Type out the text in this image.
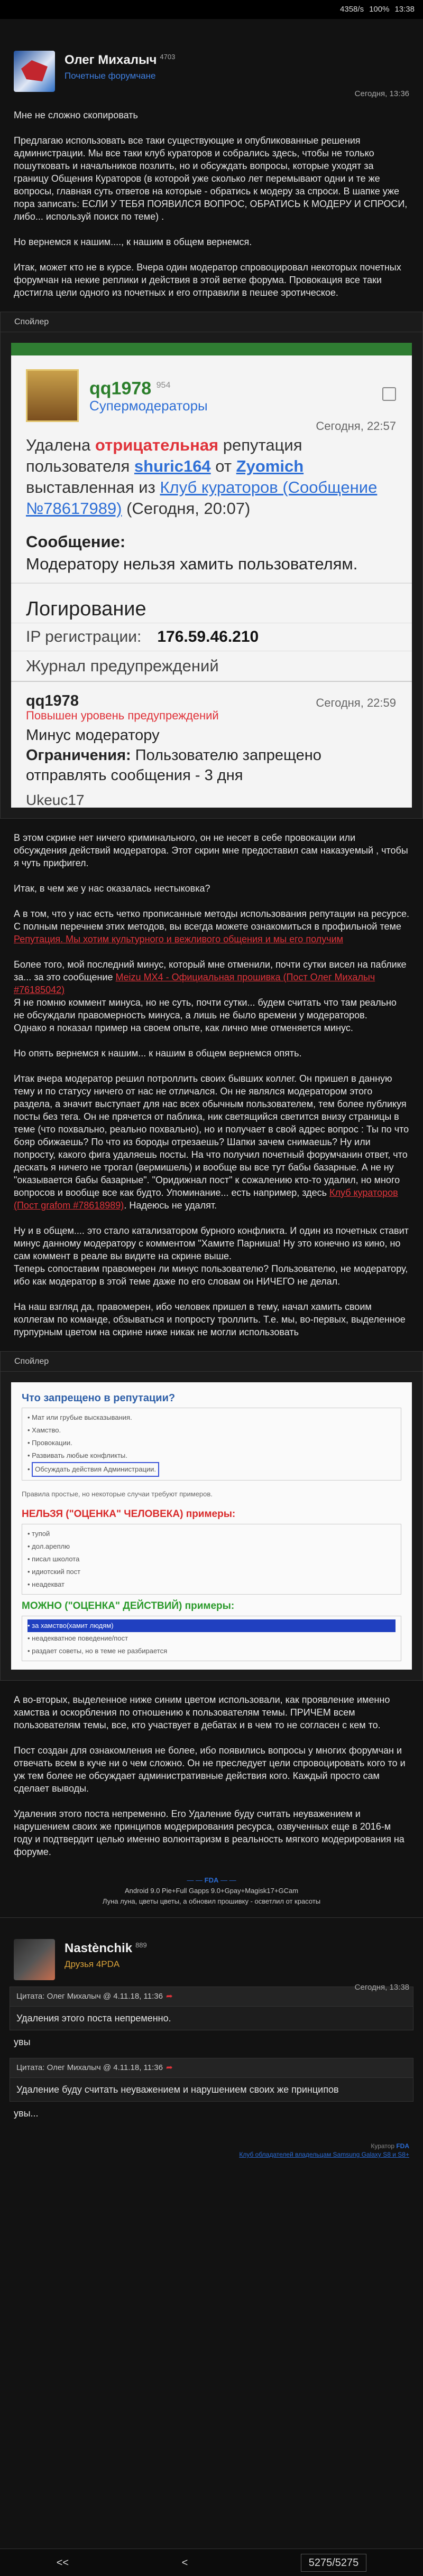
4358/s 100% 13:38
Олег Михалыч $^{4703}$
Почетные форумчане
Сегодня, 13:36

Мне не сложно скопировать

Предлагаю использовать все таки существующие и опубликованные решения администрации. Мы все таки клуб кураторов и собрались здесь, чтобы не только пошутковать и начальников позлить, но и обсуждать вопросы, которые уходят за границу Общения Кураторов (в которой уже сколько лет перемывают одни и те же вопросы, главная суть ответов на которые - обратись к модеру за спроси. В шапке уже пора записать: ЕСЛИ У ТЕБЯ ПОЯВИЛСЯ ВОПРОС, ОБРАТИСЬ К МОДЕРУ И СПРОСИ, либо... используй поиск по теме) .

Но вернемся к нашим...., к нашим в общем вернемся.

Итак, может кто не в курсе. Вчера один модератор спровоцировал некоторых почетных форумчан на некие реплики и действия в этой ветке форума. Провокация все таки достигла цели одного из почетных и его отправили в пешее эротическое.

Спойлер
qq1978 $^{954}$
Супермодераторы
Сегодня, 22:57
Удалена отрицательная репутация пользователя shuric164 от Zyomich выставленная из Клуб кураторов (Сообщение №78617989) (Сегодня, 20:07)
Сообщение:
Модератору нельзя хамить пользователям.
Логирование
IP регистрации: 176.59.46.210
Журнал предупреждений
qq1978	Сегодня, 22:59
Повышен уровень предупреждений
Минус модератору
Ограничения: Пользователю запрещено отправлять сообщения - 3 дня
Ukeuc17

В этом скрине нет ничего криминального, он не несет в себе провокации или обсуждения действий модератора. Этот скрин мне предоставил сам наказуемый , чтобы я чуть прифигел.

Итак, в чем же у нас оказалась нестыковка?

А в том, что у нас есть четко прописанные методы использования репутации на ресурсе. С полным перечнем этих методов, вы всегда можете ознакомиться в профильной теме Репутация. Мы хотим культурного и вежливого общения и мы его получим

Более того, мой последний минус, который мне отменили, почти сутки висел на пабликe за... за это сообщение Meizu MX4 - Официальная прошивка (Пост Олег Михалыч #76185042)
Я не помню коммент минуса, но не суть, почти сутки... будем считать что там реально не обсуждали правомерность минуса, а лишь не было времени у модераторов.
Однако я показал пример на своем опыте, как лично мне отменяется минус.

Но опять вернемся к нашим... к нашим в общем вернемся опять.

Итак вчера модератор решил потроллить своих бывших коллег. Он пришел в данную тему и по статусу ничего от нас не отличался. Он не являлся модератором этого раздела, а значит выступает для нас всех обычным пользователем, тем более публикуя посты без тега. Он не прячется от паблика, ник светящийся светится внизу страницы в теме (что похвально, реально похвально), но и получает в свой адрес вопрос : Ты по что бояр обижаешь? По что из бороды отрезаешь? Шапки зачем снимаешь? Ну или попросту, какого фига удаляешь посты. На что получил почетный форумчанин ответ, что дескать я ничего не трогал (вермишель) и вообще вы все тут бабы базарные. А не ну "оказывается бабы базарные". "Оридижнал пост" к сожалению кто-то удалил, но много вопросов и вообще все как будто. Упоминание... есть например, здесь Клуб кураторов (Пост grafom #78618989). Надеюсь не удалят.

Ну и в общем.... это стало катализатором бурного конфликта. И один из почетных ставит минус данному модератору с комментом "Хамите Парниша! Ну это конечно из кино, но сам коммент в реале вы видите на скрине выше.
Теперь сопоставим правомерен ли минус пользователю? Пользователю, не модератору, ибо как модератор в этой теме даже по его словам он НИЧЕГО не делал.

На наш взгляд да, правомерен, ибо человек пришел в тему, начал хамить своим коллегам по команде, обзываться и попросту троллить. Т.е. мы, во-первых, выделенное пурпурным цветом на скрине ниже никак не могли использовать

Спойлер
Что запрещено в репутации?
• Мат или грубые высказывания.
• Хамство.
• Провокации.
• Развивать любые конфликты.
• Обсуждать действия Администрации.
Правила простые, но некоторые случаи требуют примеров.
НЕЛЬЗЯ ("ОЦЕНКА" ЧЕЛОВЕКА) примеры:
• тупой
• дол.ареплю
• писал школота
• идиотский пост
• неадекват
МОЖНО ("ОЦЕНКА" ДЕЙСТВИЙ) примеры:
• за хамство(хамит людям)
• неадекватное поведение/пост
• раздает советы, но в теме не разбирается

А во-вторых, выделенное ниже синим цветом использовали, как проявление именно хамства и оскорбления по отношению к пользователям темы. ПРИЧЕМ всем пользователям темы, все, кто участвует в дебатах и в чем то не согласен с кем то.

Пост создан для ознакомления не более, ибо появились вопросы у многих форумчан и отвечать всем в куче ни о чем сложно. Он не преследует цели спровоцировать кого то и уж тем более не обсуждает административные действия кого. Каждый просто сам сделает выводы.

Удаления этого поста непременно. Его Удаление буду считать неуважением и нарушением своих же принципов модерирования ресурса, озвученных еще в 2016-м году и подтвердит целью именно волюнтаризм в реальность мягкого модерирования на форуме.

— — FDA — —
Android 9.0 Pie+Full Gapps 9.0+Gpay+Magisk17+GCam
Луна луна, цветы цветы, а обновил прошивку - осветлил от красоты
Nastènchik $^{889}$
Друзья 4PDA
Сегодня, 13:38
Цитата: Олег Михалыч @ 4.11.18, 11:36 ➦
Удаления этого поста непременно.
увы
Цитата: Олег Михалыч @ 4.11.18, 11:36 ➦
Удаление буду считать неуважением и нарушением своих же принципов
увы...
Куратор FDA
Клуб обладателей владельцам Samsung Galaxy S8 и S8+
<<	<	5275/5275
